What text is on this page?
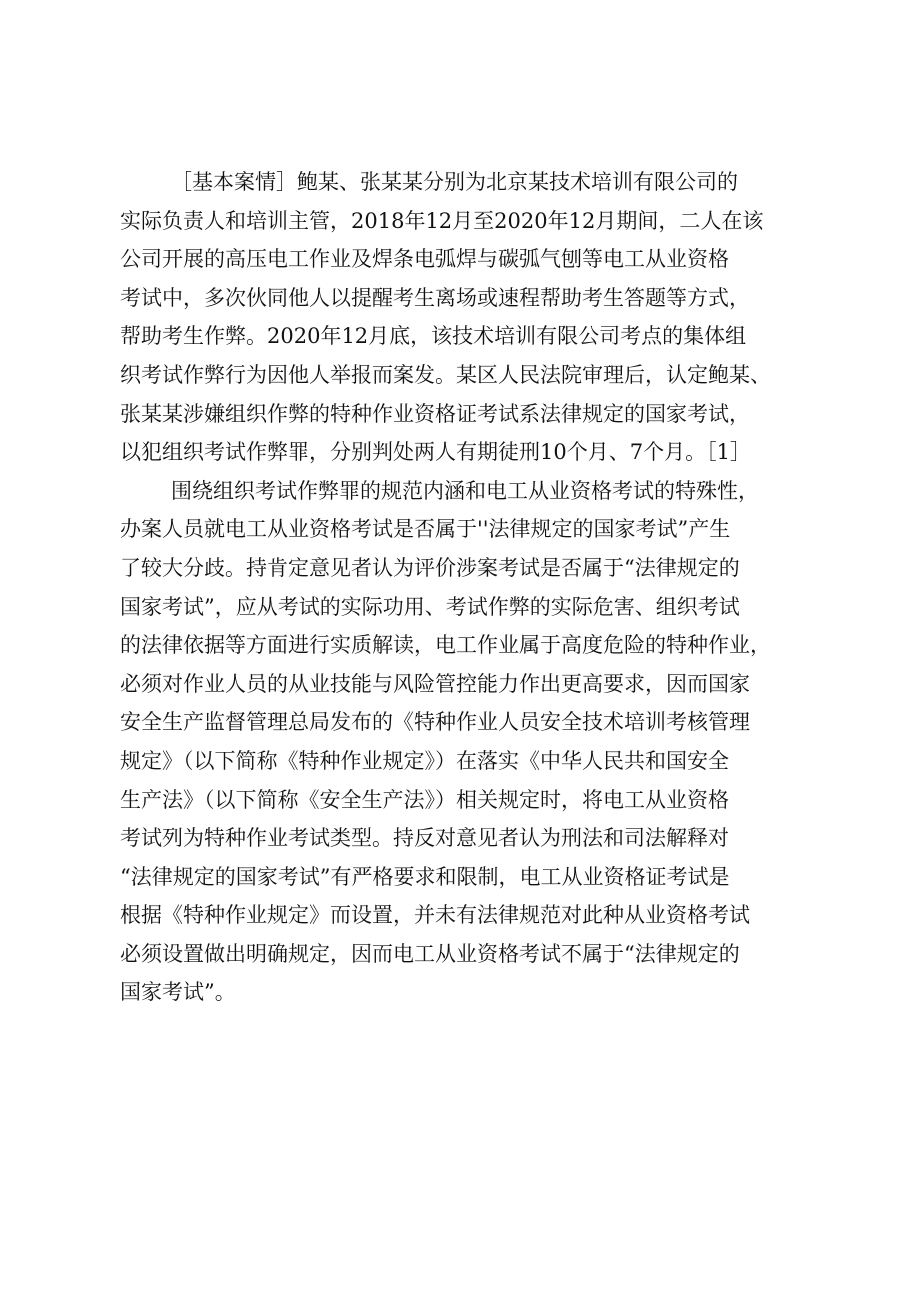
［基本案情］鲍某、张某某分别为北京某技术培训有限公司的
实际负责人和培训主管，2018年12月至2020年12月期间，二人在该
公司开展的高压电工作业及焊条电弧焊与碳弧气刨等电工从业资格
考试中，多次伙同他人以提醒考生离场或速程帮助考生答题等方式，
帮助考生作弊。2020年12月底，该技术培训有限公司考点的集体组
织考试作弊行为因他人举报而案发。某区人民法院审理后，认定鲍某、
张某某涉嫌组织作弊的特种作业资格证考试系法律规定的国家考试，
以犯组织考试作弊罪，分别判处两人有期徒刑10个月、7个月。［1］

围绕组织考试作弊罪的规范内涵和电工从业资格考试的特殊性，
办案人员就电工从业资格考试是否属于''法律规定的国家考试”产生
了较大分歧。持肯定意见者认为评价涉案考试是否属于“法律规定的
国家考试”，应从考试的实际功用、考试作弊的实际危害、组织考试
的法律依据等方面进行实质解读，电工作业属于高度危险的特种作业，
必须对作业人员的从业技能与风险管控能力作出更高要求，因而国家
安全生产监督管理总局发布的《特种作业人员安全技术培训考核管理
规定》（以下简称《特种作业规定》）在落实《中华人民共和国安全
生产法》（以下简称《安全生产法》）相关规定时，将电工从业资格
考试列为特种作业考试类型。持反对意见者认为刑法和司法解释对
“法律规定的国家考试”有严格要求和限制，电工从业资格证考试是
根据《特种作业规定》而设置，并未有法律规范对此种从业资格考试
必须设置做出明确规定，因而电工从业资格考试不属于“法律规定的
国家考试”。
